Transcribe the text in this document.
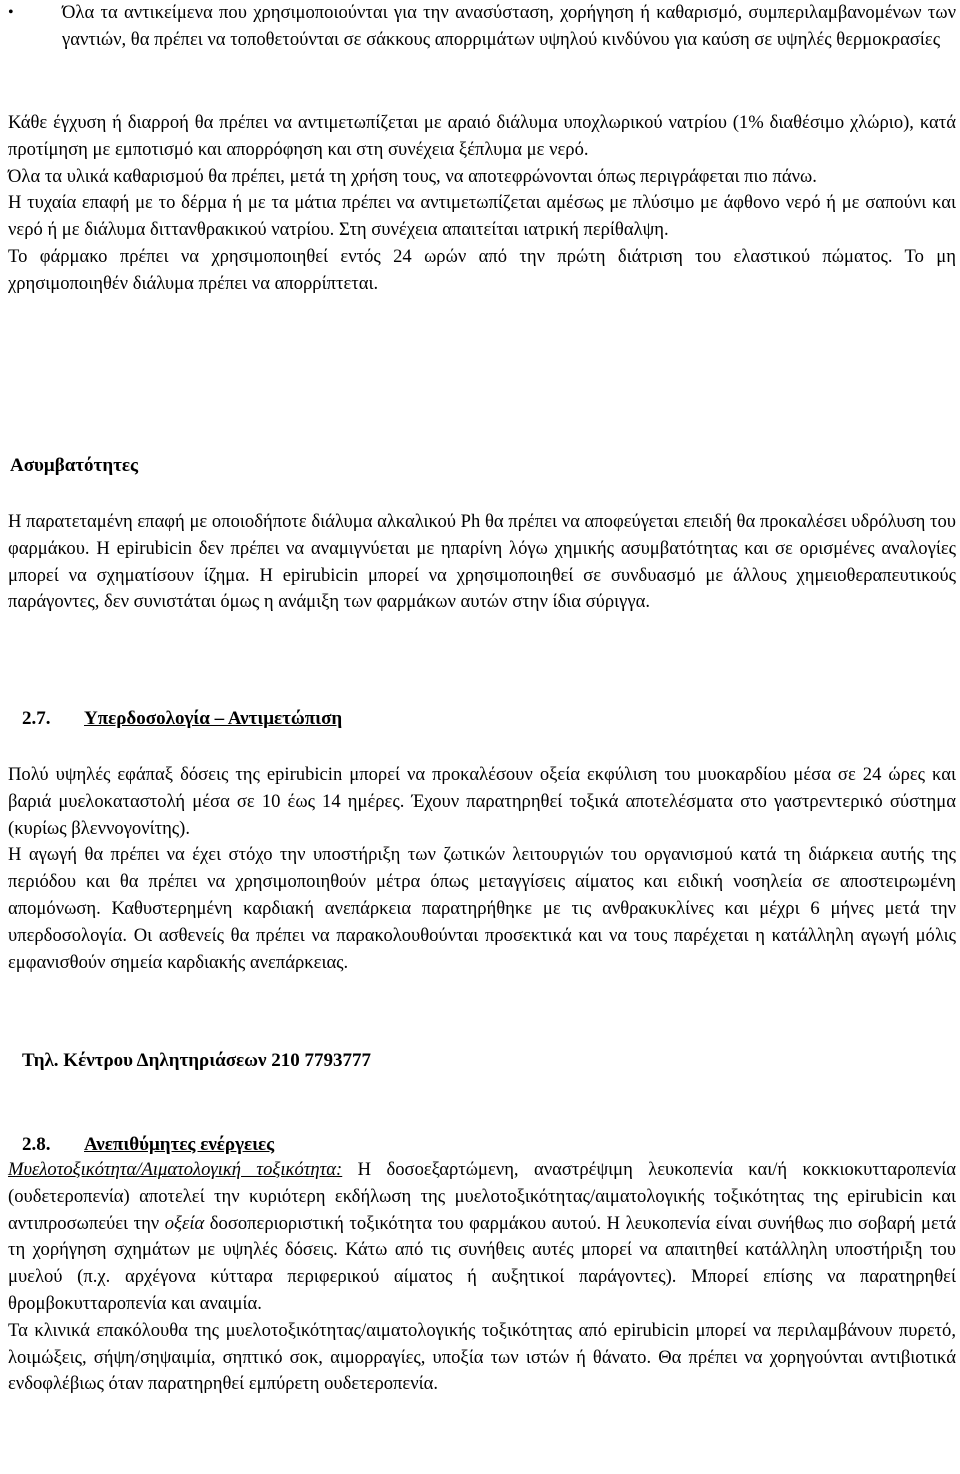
•	Όλα τα αντικείμενα που χρησιμοποιούνται για την ανασύσταση, χορήγηση ή καθαρισμό, συμπεριλαμβανομένων των γαντιών, θα πρέπει να τοποθετούνται σε σάκκους απορριμάτων υψηλού κινδύνου για καύση σε υψηλές θερμοκρασίες

Κάθε έγχυση ή διαρροή θα πρέπει να αντιμετωπίζεται με αραιό διάλυμα υποχλωρικού νατρίου (1% διαθέσιμο χλώριο), κατά προτίμηση με εμποτισμό και απορρόφηση και στη συνέχεια ξέπλυμα με νερό.

Όλα τα υλικά καθαρισμού θα πρέπει, μετά τη χρήση τους, να αποτεφρώνονται όπως περιγράφεται πιο πάνω.

Η τυχαία επαφή με το δέρμα ή με τα μάτια πρέπει να αντιμετωπίζεται αμέσως με πλύσιμο με άφθονο νερό ή με σαπούνι και νερό ή με διάλυμα διττανθρακικού νατρίου. Στη συνέχεια απαιτείται ιατρική περίθαλψη.

Το φάρμακο πρέπει να χρησιμοποιηθεί εντός 24 ωρών από την πρώτη διάτριση του ελαστικού πώματος. Το μη χρησιμοποιηθέν διάλυμα πρέπει να απορρίπτεται.

Ασυμβατότητες
Η παρατεταμένη επαφή με οποιοδήποτε διάλυμα αλκαλικού Ph θα πρέπει να αποφεύγεται επειδή θα προκαλέσει υδρόλυση του φαρμάκου. Η epirubicin δεν πρέπει να αναμιγνύεται με ηπαρίνη λόγω χημικής ασυμβατότητας και σε ορισμένες αναλογίες μπορεί να σχηματίσουν ίζημα. Η epirubicin μπορεί να χρησιμοποιηθεί σε συνδυασμό με άλλους χημειοθεραπευτικούς παράγοντες, δεν συνιστάται όμως η ανάμιξη των φαρμάκων αυτών στην ίδια σύριγγα.
2.7. Υπερδοσολογία – Αντιμετώπιση

Πολύ υψηλές εφάπαξ δόσεις της epirubicin μπορεί να προκαλέσουν οξεία εκφύλιση του μυοκαρδίου μέσα σε 24 ώρες και βαριά μυελοκαταστολή μέσα σε 10 έως 14 ημέρες. Έχουν παρατηρηθεί τοξικά αποτελέσματα στο γαστρεντερικό σύστημα (κυρίως βλεννογονίτης).

Η αγωγή θα πρέπει να έχει στόχο την υποστήριξη των ζωτικών λειτουργιών του οργανισμού κατά τη διάρκεια αυτής της περιόδου και θα πρέπει να χρησιμοποιηθούν μέτρα όπως μεταγγίσεις αίματος και ειδική νοσηλεία σε αποστειρωμένη απομόνωση. Καθυστερημένη καρδιακή ανεπάρκεια παρατηρήθηκε με τις ανθρακυκλίνες και μέχρι 6 μήνες μετά την υπερδοσολογία. Οι ασθενείς θα πρέπει να παρακολουθούνται προσεκτικά και να τους παρέχεται η κατάλληλη αγωγή μόλις εμφανισθούν σημεία καρδιακής ανεπάρκειας.

Τηλ. Κέντρου Δηλητηριάσεων 210 7793777
2.8. Ανεπιθύμητες ενέργειες

Μυελοτοξικότητα/Αιματολογική τοξικότητα: Η δοσοεξαρτώμενη, αναστρέψιμη λευκοπενία και/ή κοκκιοκυτταροπενία (ουδετεροπενία) αποτελεί την κυριότερη εκδήλωση της μυελοτοξικότητας/αιματολογικής τοξικότητας της epirubicin και αντιπροσωπεύει την οξεία δοσοπεριοριστική τοξικότητα του φαρμάκου αυτού. Η λευκοπενία είναι συνήθως πιο σοβαρή μετά τη χορήγηση σχημάτων με υψηλές δόσεις. Κάτω από τις συνήθεις αυτές μπορεί να απαιτηθεί κατάλληλη υποστήριξη του μυελού (π.χ. αρχέγονα κύτταρα περιφερικού αίματος ή αυξητικοί παράγοντες). Μπορεί επίσης να παρατηρηθεί θρομβοκυτταροπενία και αναιμία.

Τα κλινικά επακόλουθα της μυελοτοξικότητας/αιματολογικής τοξικότητας από epirubicin μπορεί να περιλαμβάνουν πυρετό, λοιμώξεις, σήψη/σηψαιμία, σηπτικό σοκ, αιμορραγίες, υποξία των ιστών ή θάνατο. Θα πρέπει να χορηγούνται αντιβιοτικά ενδοφλέβιως όταν παρατηρηθεί εμπύρετη ουδετεροπενία.
